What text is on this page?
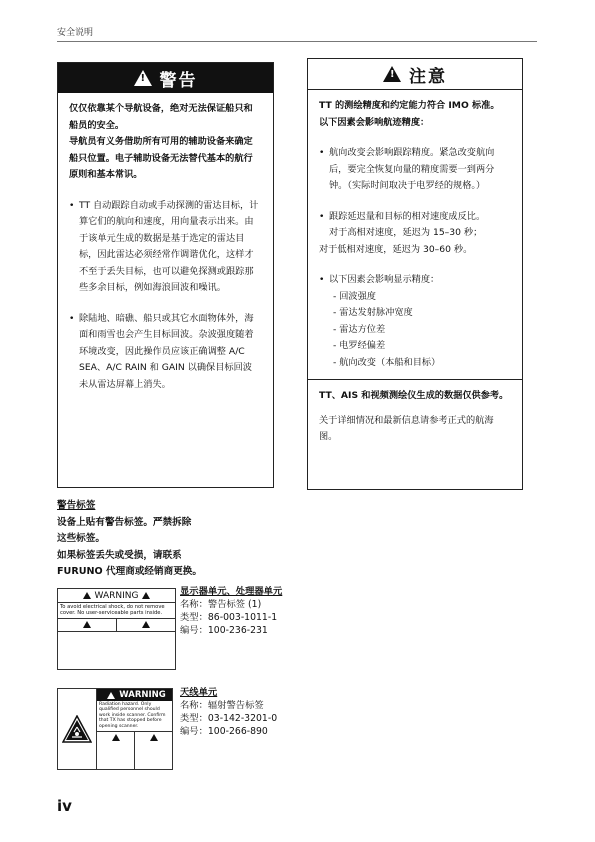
安全说明
!
警告

仅仅依靠某个导航设备，绝对无法保证船只和船员的安全。

导航员有义务借助所有可用的辅助设备来确定船只位置。电子辅助设备无法替代基本的航行原则和基本常识。

• TT 自动跟踪自动或手动探测的雷达目标，计算它们的航向和速度，用向量表示出来。由于该单元生成的数据是基于选定的雷达目标，因此雷达必须经常作调谐优化，这样才不至于丢失目标，也可以避免探测或跟踪那些多余目标，例如海浪回波和噪讯。

• 除陆地、暗礁、船只或其它水面物体外，海面和雨雪也会产生目标回波。杂波强度随着环境改变，因此操作员应该正确调整 A/C SEA、A/C RAIN 和 GAIN 以确保目标回波未从雷达屏幕上消失。

!
注意

TT 的测绘精度和约定能力符合 IMO 标准。

以下因素会影响航迹精度：

• 航向改变会影响跟踪精度。紧急改变航向后，要完全恢复向量的精度需要一到两分钟。（实际时间取决于电罗经的规格。）

• 跟踪延迟量和目标的相对速度成反比。

对于高相对速度，延迟为 15–30 秒；

对于低相对速度，延迟为 30–60 秒。

• 以下因素会影响显示精度：

- 回波强度

- 雷达发射脉冲宽度

- 雷达方位差

- 电罗经偏差

- 航向改变（本船和目标）

TT、AIS 和视频测绘仪生成的数据仅供参考。

关于详细情况和最新信息请参考正式的航海图。

警告标签

设备上贴有警告标签。严禁拆除

这些标签。

如果标签丢失或受损，请联系

FURUNO 代理商或经销商更换。

WARNING
To avoid electrical shock, do not remove cover. No user-serviceable parts inside.

显示器单元、处理器单元

名称：警告标签 (1)

类型：86-003-1011-1

编号：100-236-231

WARNING
Radiation hazard. Only qualified personnel should work inside scanner. Confirm that TX has stopped before opening scanner.

天线单元

名称：辐射警告标签

类型：03-142-3201-0

编号：100-266-890

iv
